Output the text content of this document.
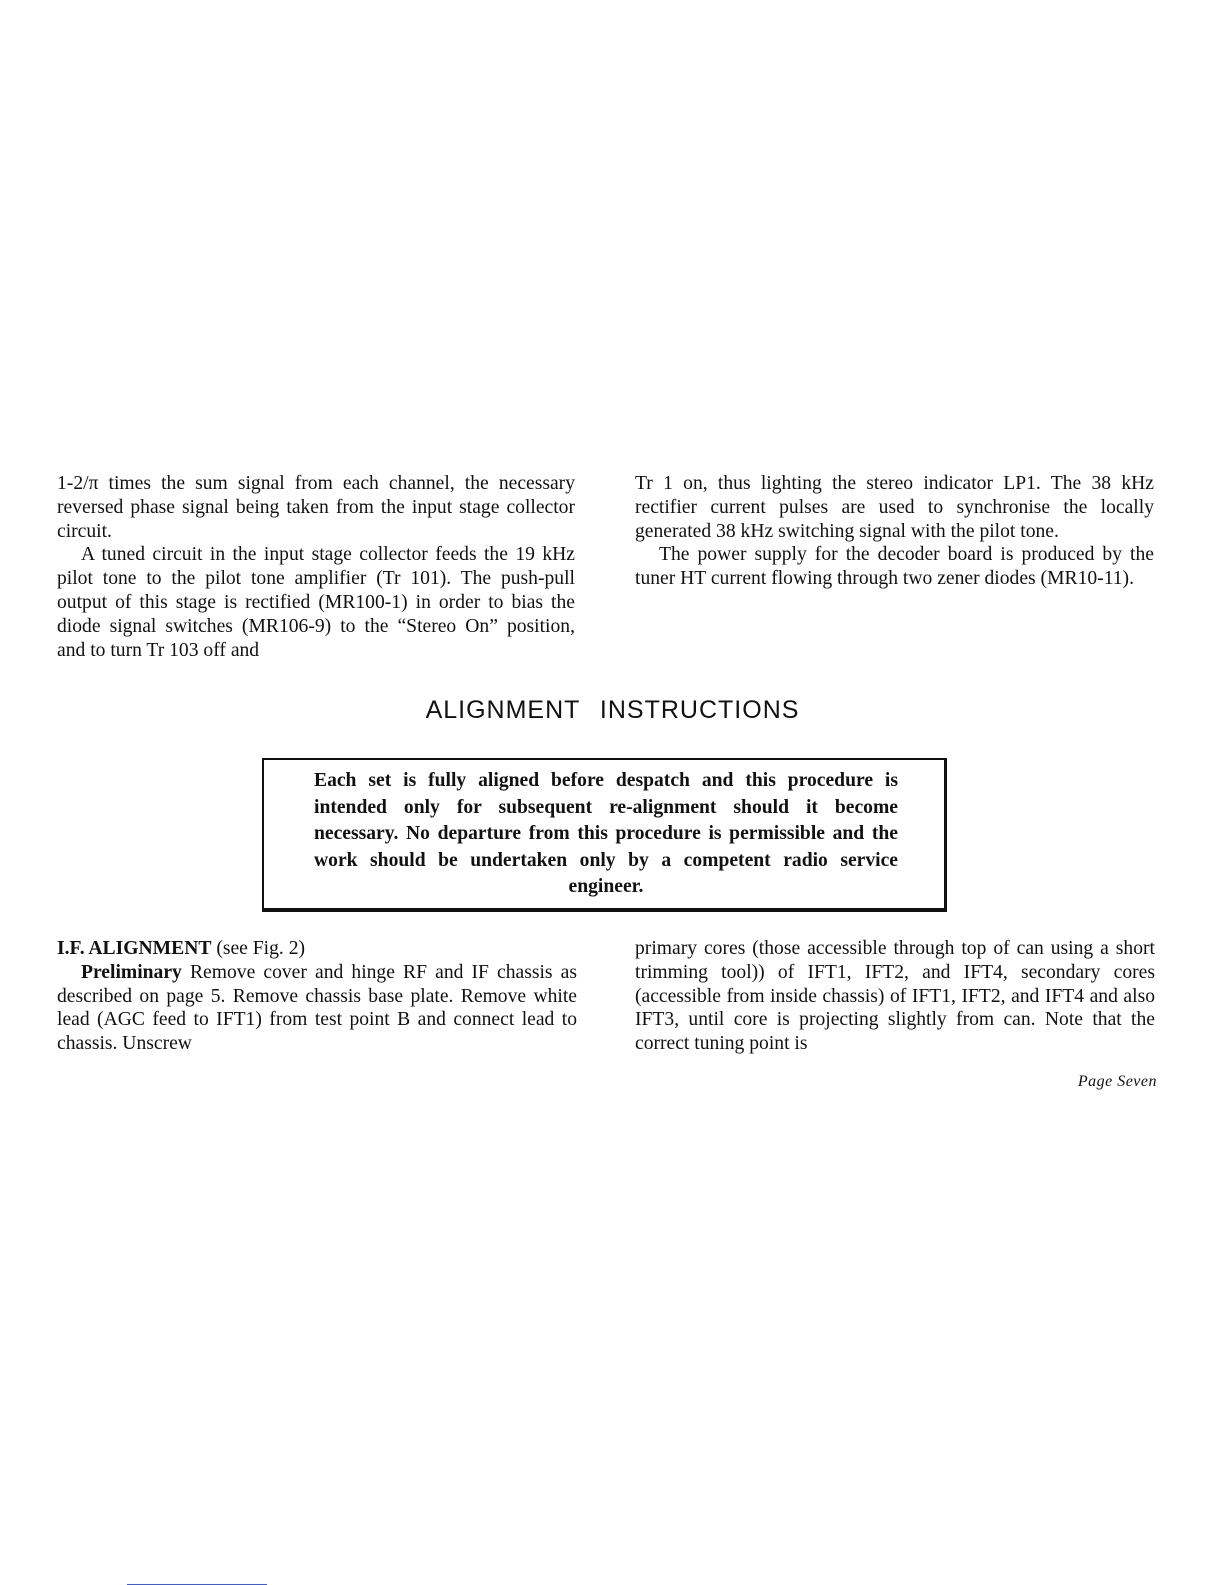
1-2/π times the sum signal from each channel, the necessary reversed phase signal being taken from the input stage collector circuit.

A tuned circuit in the input stage collector feeds the 19 kHz pilot tone to the pilot tone amplifier (Tr 101). The push-pull output of this stage is rectified (MR100-1) in order to bias the diode signal switches (MR106-9) to the “Stereo On” position, and to turn Tr 103 off and

Tr 1 on, thus lighting the stereo indicator LP1. The 38 kHz rectifier current pulses are used to synchronise the locally generated 38 kHz switching signal with the pilot tone.

The power supply for the decoder board is produced by the tuner HT current flowing through two zener diodes (MR10-11).

ALIGNMENT INSTRUCTIONS

Each set is fully aligned before despatch and this procedure is intended only for subsequent re-alignment should it become necessary. No departure from this procedure is permissible and the work should be undertaken only by a competent radio service engineer.

I.F. ALIGNMENT (see Fig. 2)

Preliminary Remove cover and hinge RF and IF chassis as described on page 5. Remove chassis base plate. Remove white lead (AGC feed to IFT1) from test point B and connect lead to chassis. Unscrew

primary cores (those accessible through top of can using a short trimming tool)) of IFT1, IFT2, and IFT4, secondary cores (accessible from inside chassis) of IFT1, IFT2, and IFT4 and also IFT3, until core is projecting slightly from can. Note that the correct tuning point is

Page Seven
